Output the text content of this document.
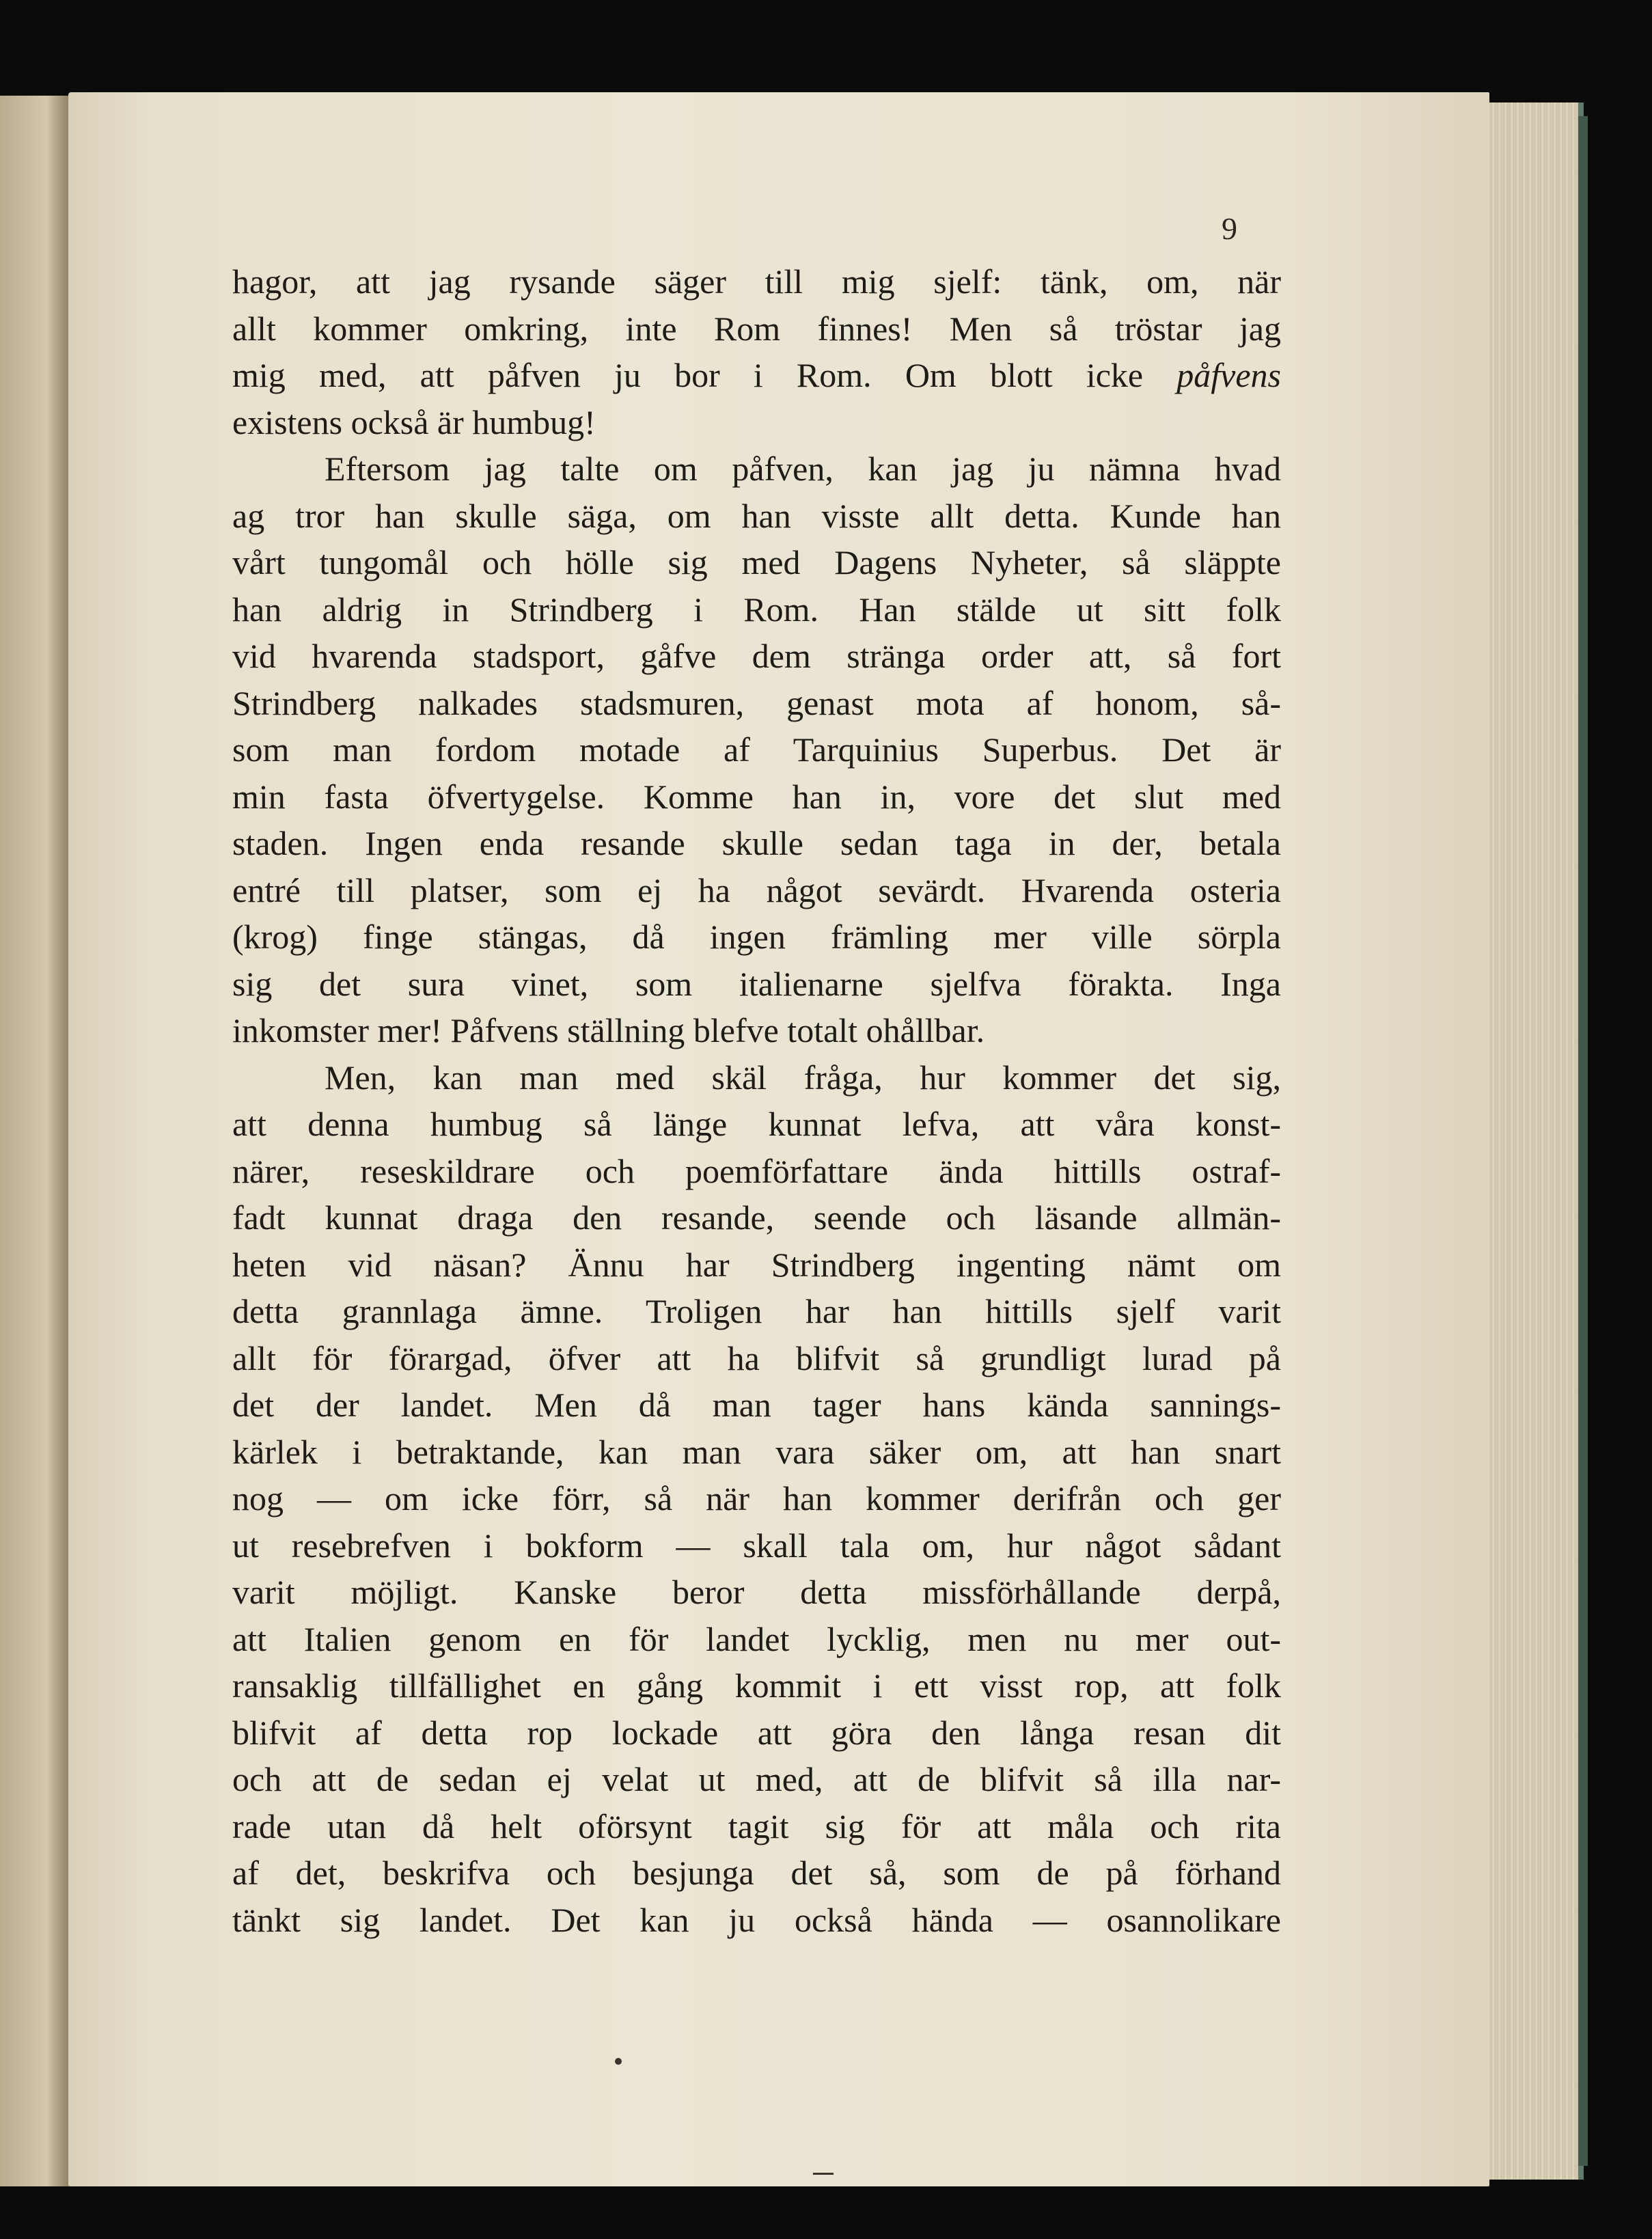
9
hagor, att jag rysande säger till mig sjelf: tänk, om, när
allt kommer omkring, inte Rom finnes! Men så tröstar jag
mig med, att påfven ju bor i Rom. Om blott icke påfvens
existens också är humbug!
Eftersom jag talte om påfven, kan jag ju nämna hvad
ag tror han skulle säga, om han visste allt detta. Kunde han
vårt tungomål och hölle sig med Dagens Nyheter, så släppte
han aldrig in Strindberg i Rom. Han stälde ut sitt folk
vid hvarenda stadsport, gåfve dem stränga order att, så fort
Strindberg nalkades stadsmuren, genast mota af honom, så-
som man fordom motade af Tarquinius Superbus. Det är
min fasta öfvertygelse. Komme han in, vore det slut med
staden. Ingen enda resande skulle sedan taga in der, betala
entré till platser, som ej ha något sevärdt. Hvarenda osteria
(krog) finge stängas, då ingen främling mer ville sörpla
sig det sura vinet, som italienarne sjelfva förakta. Inga
inkomster mer! Påfvens ställning blefve totalt ohållbar.
Men, kan man med skäl fråga, hur kommer det sig,
att denna humbug så länge kunnat lefva, att våra konst-
närer, reseskildrare och poemförfattare ända hittills ostraf-
fadt kunnat draga den resande, seende och läsande allmän-
heten vid näsan? Ännu har Strindberg ingenting nämt om
detta grannlaga ämne. Troligen har han hittills sjelf varit
allt för förargad, öfver att ha blifvit så grundligt lurad på
det der landet. Men då man tager hans kända sannings-
kärlek i betraktande, kan man vara säker om, att han snart
nog — om icke förr, så när han kommer derifrån och ger
ut resebrefven i bokform — skall tala om, hur något sådant
varit möjligt. Kanske beror detta missförhållande derpå,
att Italien genom en för landet lycklig, men nu mer out-
ransaklig tillfällighet en gång kommit i ett visst rop, att folk
blifvit af detta rop lockade att göra den långa resan dit
och att de sedan ej velat ut med, att de blifvit så illa nar-
rade utan då helt oförsynt tagit sig för att måla och rita
af det, beskrifva och besjunga det så, som de på förhand
tänkt sig landet. Det kan ju också hända — osannolikare
